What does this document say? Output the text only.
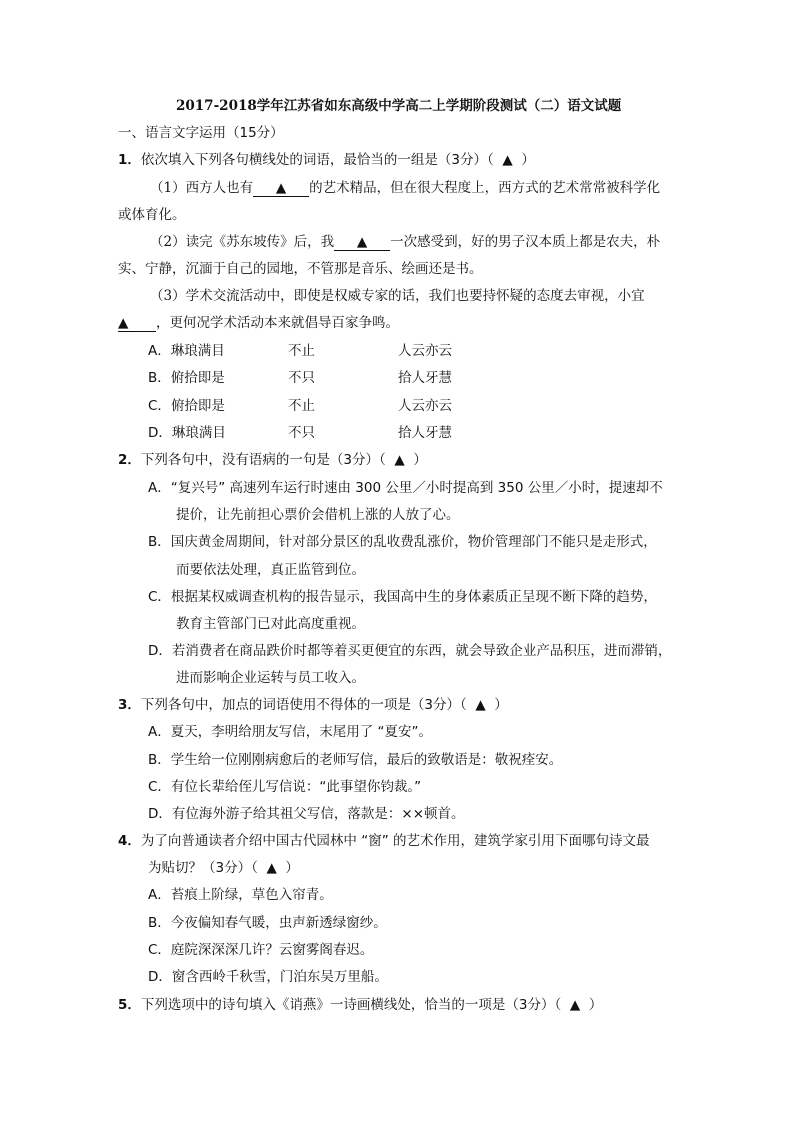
2017-2018学年江苏省如东高级中学高二上学期阶段测试（二）语文试题
一、语言文字运用（15分）
1．依次填入下列各句横线处的词语，最恰当的一组是（3分）（ ▲ ）
（1）西方人也有 ▲ 的艺术精品，但在很大程度上，西方式的艺术常常被科学化
或体育化。
（2）读完《苏东坡传》后，我 ▲ 一次感受到，好的男子汉本质上都是农夫，朴
实、宁静，沉湎于自己的园地，不管那是音乐、绘画还是书。
（3）学术交流活动中，即使是权威专家的话，我们也要持怀疑的态度去审视，小宜
▲ ，更何况学术活动本来就倡导百家争鸣。
A．琳琅满目	不止	人云亦云
B．俯拾即是	不只	拾人牙慧
C．俯拾即是	不止	人云亦云
D．琳琅满目	不只	拾人牙慧
2．下列各句中，没有语病的一句是（3分）（ ▲ ）
A．“复兴号” 高速列车运行时速由 300 公里／小时提高到 350 公里／小时，提速却不
提价，让先前担心票价会借机上涨的人放了心。
B．国庆黄金周期间，针对部分景区的乱收费乱涨价，物价管理部门不能只是走形式，
而要依法处理，真正监管到位。
C．根据某权威调查机构的报告显示，我国高中生的身体素质正呈现不断下降的趋势，
教育主管部门已对此高度重视。
D．若消费者在商品跌价时都等着买更便宜的东西，就会导致企业产品积压，进而滞销，
进而影响企业运转与员工收入。
3．下列各句中，加点的词语使用不得体的一项是（3分）（ ▲ ）
A．夏天，李明给朋友写信，末尾用了 “夏安”。
B．学生给一位刚刚病愈后的老师写信，最后的致敬语是：敬祝痊安。
C．有位长辈给侄儿写信说：“此事望你钧裁。”
D．有位海外游子给其祖父写信，落款是：××顿首。
4．为了向普通读者介绍中国古代园林中 “窗” 的艺术作用，建筑学家引用下面哪句诗文最
为贴切？（3分）（ ▲ ）
A．苔痕上阶绿，草色入帘青。
B．今夜偏知春气暖，虫声新透绿窗纱。
C．庭院深深深几许？云窗雾阁春迟。
D．窗含西岭千秋雪，门泊东吴万里船。
5．下列选项中的诗句填入《诮燕》一诗画横线处，恰当的一项是（3分）（ ▲ ）
